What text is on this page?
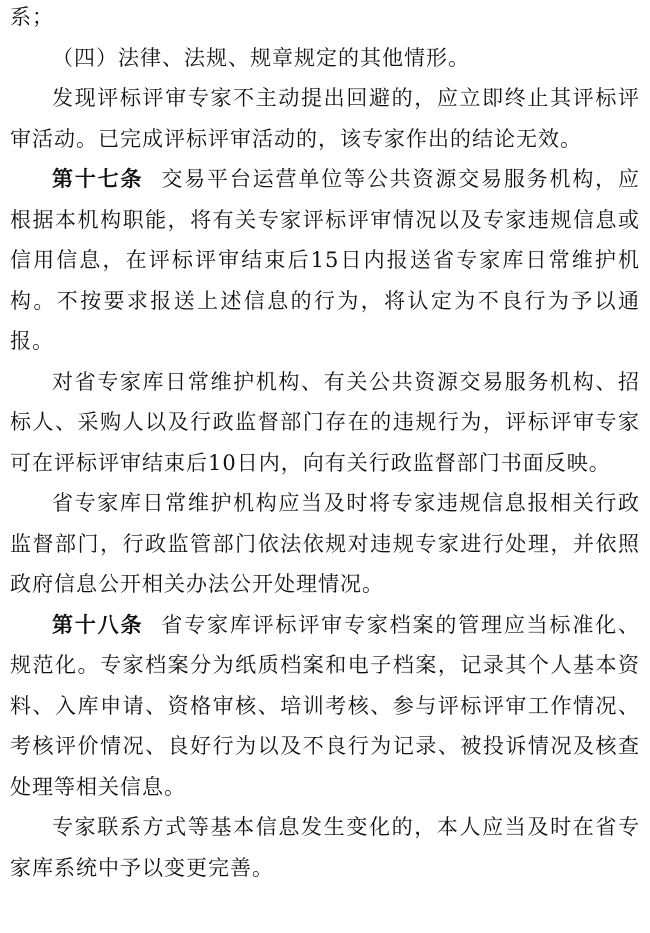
系；

（四）法律、法规、规章规定的其他情形。

发现评标评审专家不主动提出回避的，应立即终止其评标评审活动。已完成评标评审活动的，该专家作出的结论无效。

第十七条 交易平台运营单位等公共资源交易服务机构，应根据本机构职能，将有关专家评标评审情况以及专家违规信息或信用信息，在评标评审结束后15日内报送省专家库日常维护机构。不按要求报送上述信息的行为，将认定为不良行为予以通报。

对省专家库日常维护机构、有关公共资源交易服务机构、招标人、采购人以及行政监督部门存在的违规行为，评标评审专家可在评标评审结束后10日内，向有关行政监督部门书面反映。

省专家库日常维护机构应当及时将专家违规信息报相关行政监督部门，行政监管部门依法依规对违规专家进行处理，并依照政府信息公开相关办法公开处理情况。

第十八条 省专家库评标评审专家档案的管理应当标准化、规范化。专家档案分为纸质档案和电子档案，记录其个人基本资料、入库申请、资格审核、培训考核、参与评标评审工作情况、考核评价情况、良好行为以及不良行为记录、被投诉情况及核查处理等相关信息。

专家联系方式等基本信息发生变化的，本人应当及时在省专家库系统中予以变更完善。
